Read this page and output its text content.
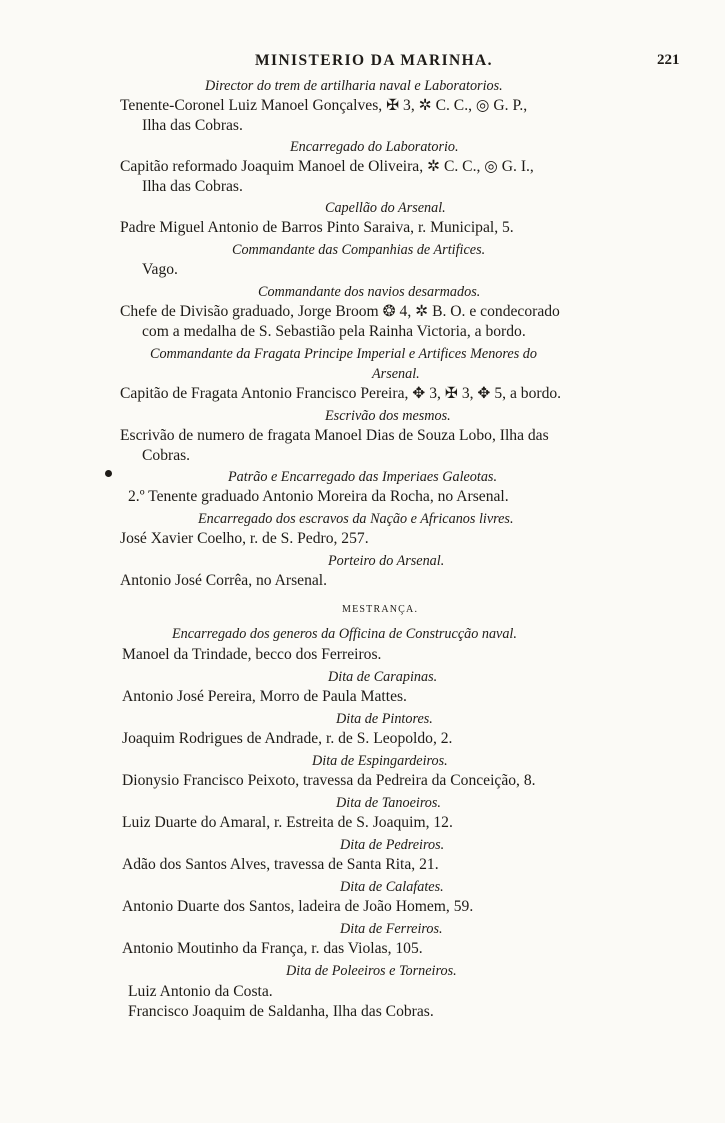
MINISTERIO DA MARINHA.	221
Director do trem de artilharia naval e Laboratorios.
Tenente-Coronel Luiz Manoel Gonçalves, ✠ 3, ✲ C. C., ◎ G. P.,
Ilha das Cobras.
Encarregado do Laboratorio.
Capitão reformado Joaquim Manoel de Oliveira, ✲ C. C., ◎ G. I.,
Ilha das Cobras.
Capellão do Arsenal.
Padre Miguel Antonio de Barros Pinto Saraiva, r. Municipal, 5.
Commandante das Companhias de Artifices.
Vago.
Commandante dos navios desarmados.
Chefe de Divisão graduado, Jorge Broom ❂ 4, ✲ B. O. e condecorado
com a medalha de S. Sebastião pela Rainha Victoria, a bordo.
Commandante da Fragata Principe Imperial e Artifices Menores do
Arsenal.
Capitão de Fragata Antonio Francisco Pereira, ✥ 3, ✠ 3, ✥ 5, a bordo.
Escrivão dos mesmos.
Escrivão de numero de fragata Manoel Dias de Souza Lobo, Ilha das
Cobras.
Patrão e Encarregado das Imperiaes Galeotas.
2.º Tenente graduado Antonio Moreira da Rocha, no Arsenal.
Encarregado dos escravos da Nação e Africanos livres.
José Xavier Coelho, r. de S. Pedro, 257.
Porteiro do Arsenal.
Antonio José Corrêa, no Arsenal.
MESTRANÇA.
Encarregado dos generos da Officina de Construcção naval.
Manoel da Trindade, becco dos Ferreiros.
Dita de Carapinas.
Antonio José Pereira, Morro de Paula Mattes.
Dita de Pintores.
Joaquim Rodrigues de Andrade, r. de S. Leopoldo, 2.
Dita de Espingardeiros.
Dionysio Francisco Peixoto, travessa da Pedreira da Conceição, 8.
Dita de Tanoeiros.
Luiz Duarte do Amaral, r. Estreita de S. Joaquim, 12.
Dita de Pedreiros.
Adão dos Santos Alves, travessa de Santa Rita, 21.
Dita de Calafates.
Antonio Duarte dos Santos, ladeira de João Homem, 59.
Dita de Ferreiros.
Antonio Moutinho da França, r. das Violas, 105.
Dita de Poleeiros e Torneiros.
Luiz Antonio da Costa.
Francisco Joaquim de Saldanha, Ilha das Cobras.
